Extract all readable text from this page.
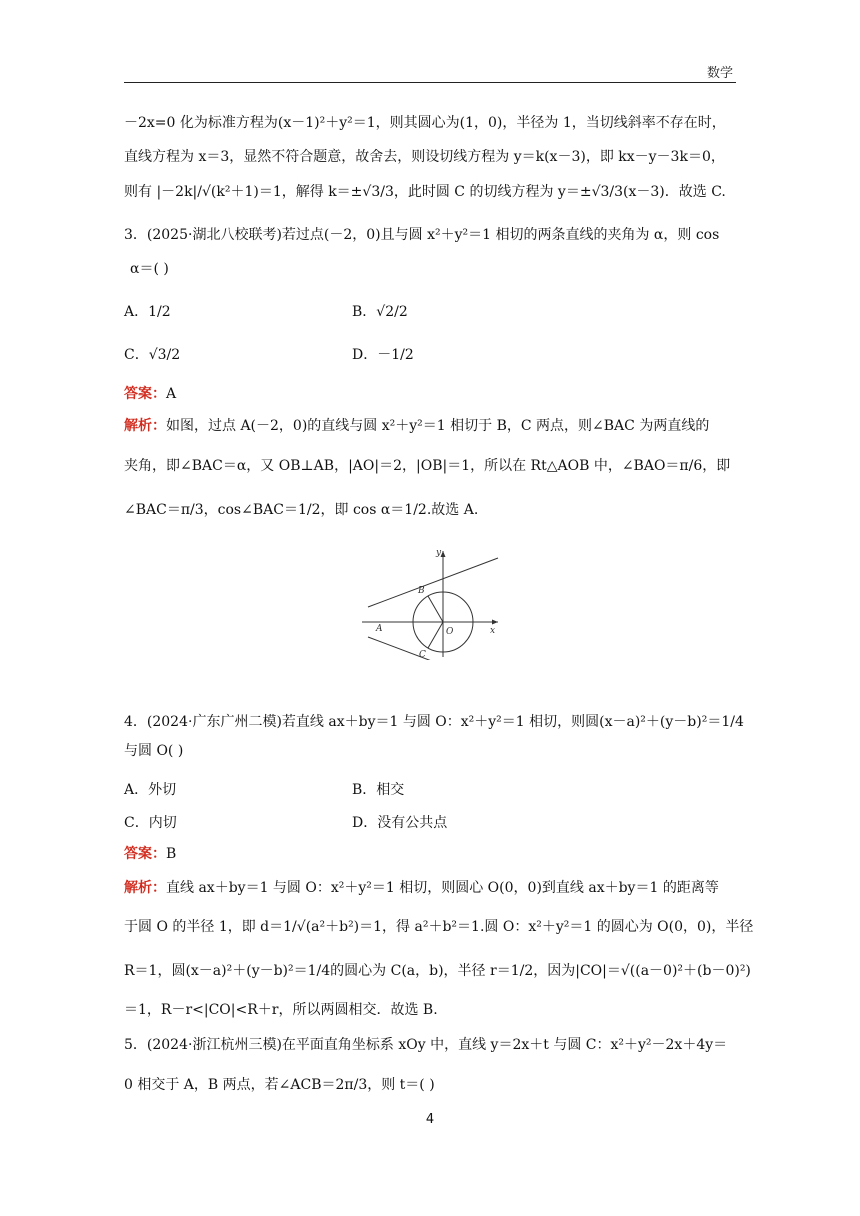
数学
－2x=0 化为标准方程为(x－1)²＋y²＝1，则其圆心为(1，0)，半径为 1，当切线斜率不存在时，
直线方程为 x＝3，显然不符合题意，故舍去，则设切线方程为 y＝k(x－3)，即 kx－y－3k＝0，
则有 |－2k|/√(k²＋1)＝1，解得 k＝±√3/3，此时圆 C 的切线方程为 y＝±√3/3(x－3)．故选 C.
3．(2025·湖北八校联考)若过点(－2，0)且与圆 x²＋y²＝1 相切的两条直线的夹角为 α，则 cos
α＝( )
A．1/2	B．√2/2
C．√3/2	D．－1/2
答案：A
解析：如图，过点 A(－2，0)的直线与圆 x²＋y²＝1 相切于 B，C 两点，则∠BAC 为两直线的
夹角，即∠BAC＝α，又 OB⊥AB，|AO|＝2，|OB|＝1，所以在 Rt△AOB 中，∠BAO＝π/6，即
∠BAC＝π/3，cos∠BAC＝1/2，即 cos α＝1/2.故选 A.
y
x
A
B
C
O
4．(2024·广东广州二模)若直线 ax＋by＝1 与圆 O：x²＋y²＝1 相切，则圆(x－a)²＋(y－b)²＝1/4
与圆 O( )
A．外切	B．相交
C．内切	D．没有公共点
答案：B
解析：直线 ax＋by＝1 与圆 O：x²＋y²＝1 相切，则圆心 O(0，0)到直线 ax＋by＝1 的距离等
于圆 O 的半径 1，即 d＝1/√(a²＋b²)＝1，得 a²＋b²＝1.圆 O：x²＋y²＝1 的圆心为 O(0，0)，半径
R＝1，圆(x－a)²＋(y－b)²＝1/4的圆心为 C(a，b)，半径 r＝1/2，因为|CO|＝√((a－0)²＋(b－0)²)
＝1，R－r<|CO|<R＋r，所以两圆相交．故选 B.
5．(2024·浙江杭州三模)在平面直角坐标系 xOy 中，直线 y＝2x＋t 与圆 C：x²＋y²－2x＋4y＝
0 相交于 A，B 两点，若∠ACB＝2π/3，则 t＝( )
4
